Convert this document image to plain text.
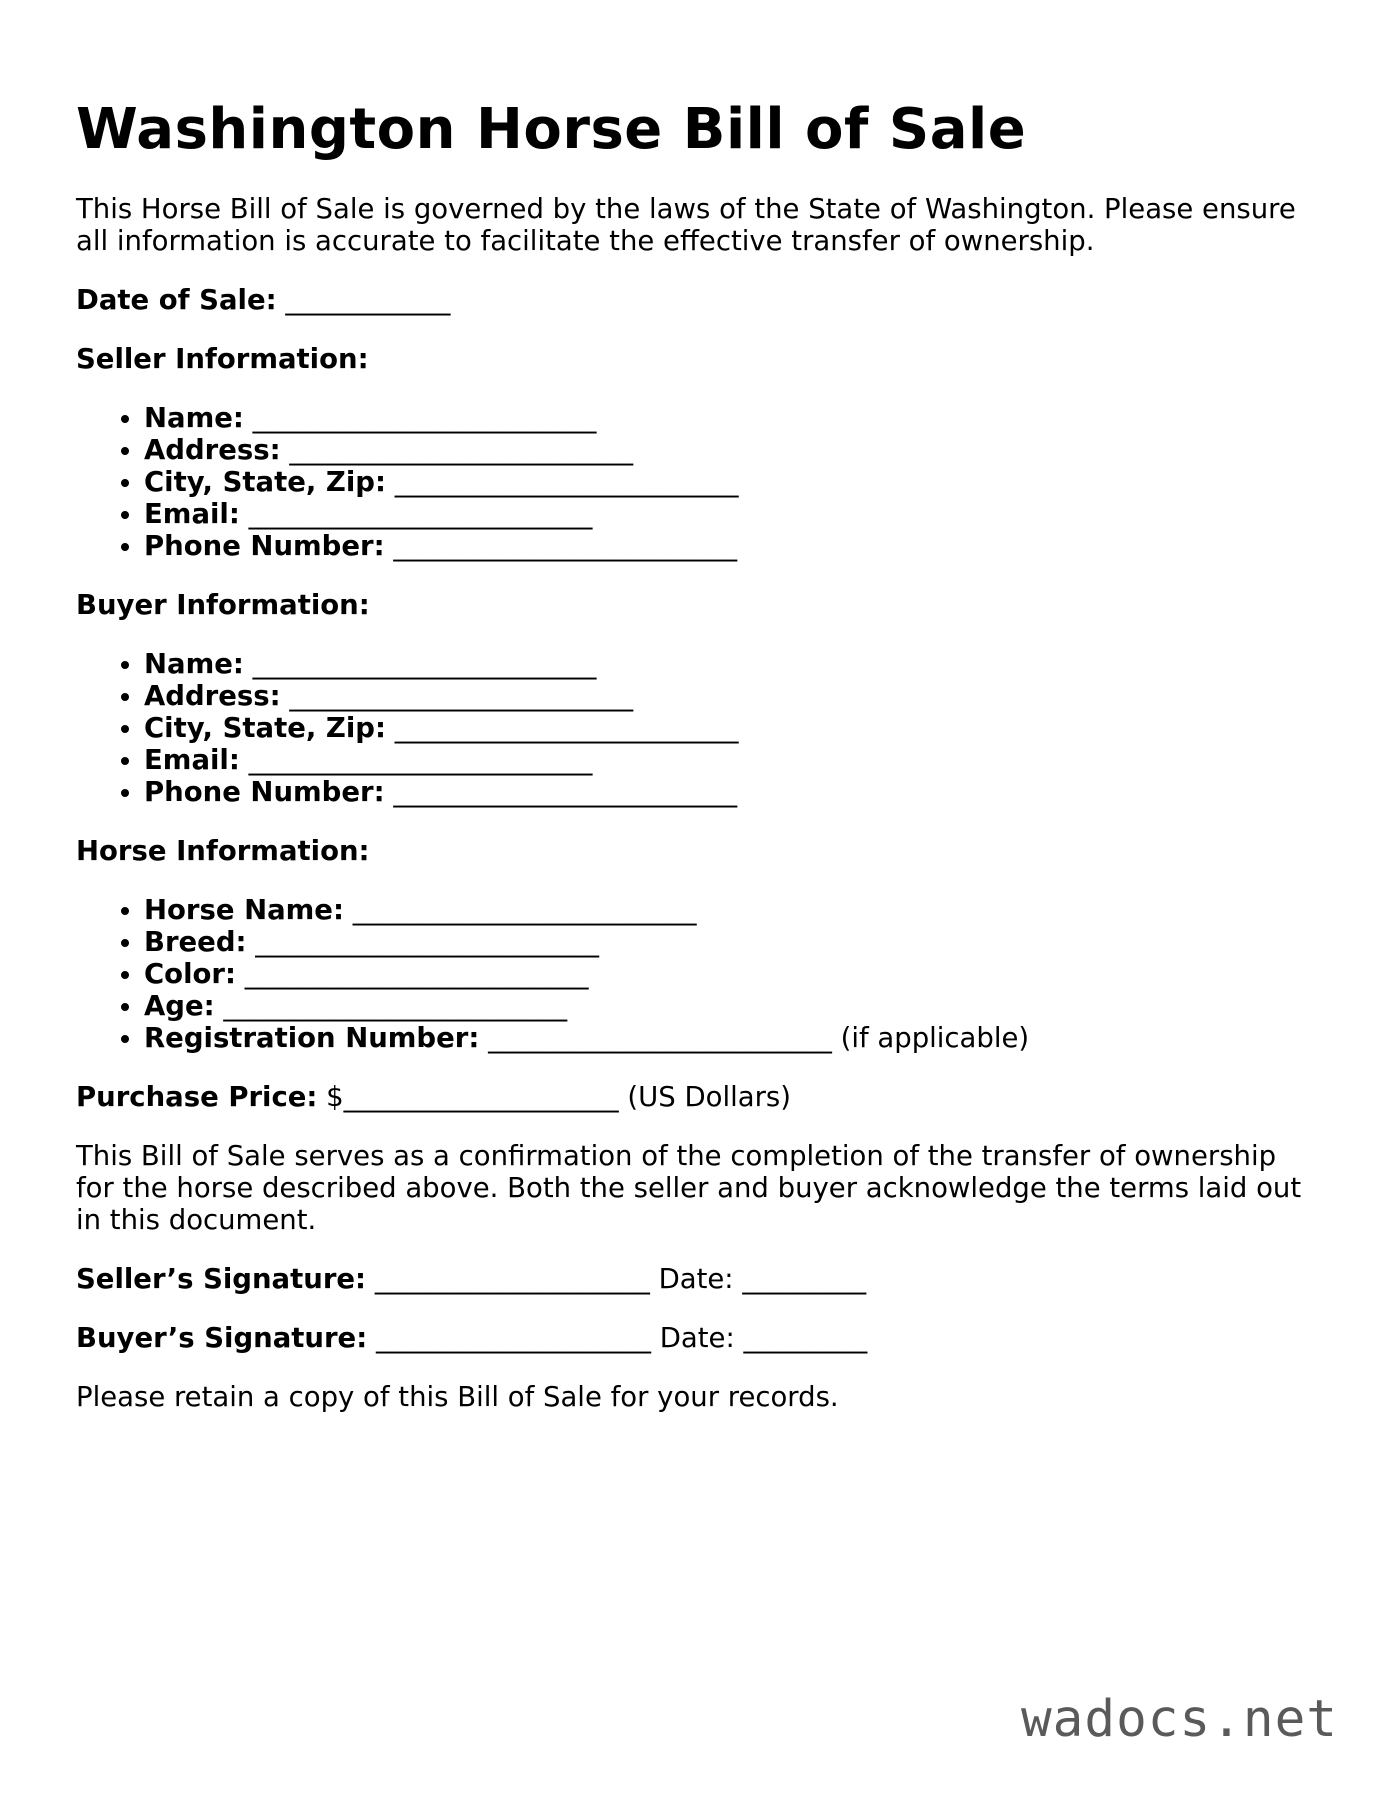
Washington Horse Bill of Sale

This Horse Bill of Sale is governed by the laws of the State of Washington. Please ensure all information is accurate to facilitate the effective transfer of ownership.

Date of Sale: ____________

Seller Information:

• Name: _________________________
• Address: _________________________
• City, State, Zip: _________________________
• Email: _________________________
• Phone Number: _________________________

Buyer Information:

• Name: _________________________
• Address: _________________________
• City, State, Zip: _________________________
• Email: _________________________
• Phone Number: _________________________

Horse Information:

• Horse Name: _________________________
• Breed: _________________________
• Color: _________________________
• Age: _________________________
• Registration Number: _________________________ (if applicable)

Purchase Price: $____________________ (US Dollars)

This Bill of Sale serves as a confirmation of the completion of the transfer of ownership for the horse described above. Both the seller and buyer acknowledge the terms laid out in this document.

Seller’s Signature: ____________________ Date: _________

Buyer’s Signature: ____________________ Date: _________

Please retain a copy of this Bill of Sale for your records.

wadocs.net
